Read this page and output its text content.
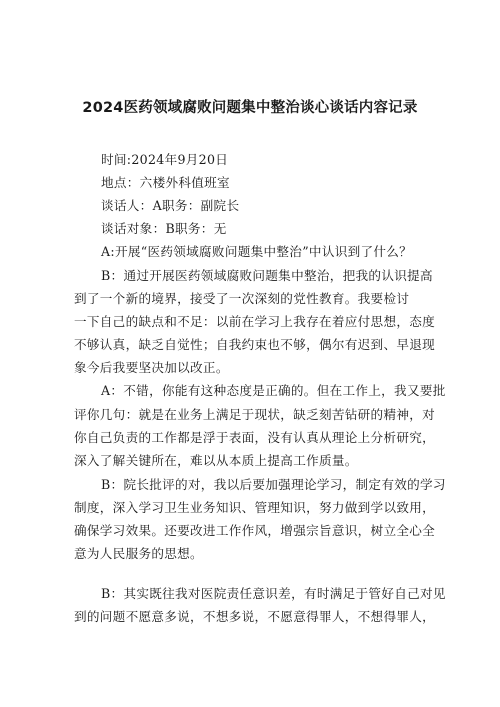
2024医药领域腐败问题集中整治谈心谈话内容记录
时间:2024年9月20日
地点：六楼外科值班室
谈话人：A职务：副院长
谈话对象：B职务：无
A:开展“医药领域腐败问题集中整治”中认识到了什么？
B：通过开展医药领域腐败问题集中整治，把我的认识提高
到了一个新的境界，接受了一次深刻的党性教育。我要检讨
一下自己的缺点和不足：以前在学习上我存在着应付思想，态度
不够认真，缺乏自觉性；自我约束也不够，偶尔有迟到、早退现
象今后我要坚决加以改正。
A：不错，你能有这种态度是正确的。但在工作上，我又要批
评你几句：就是在业务上满足于现状，缺乏刻苦钻研的精神，对
你自己负责的工作都是浮于表面，没有认真从理论上分析研究，
深入了解关键所在，难以从本质上提高工作质量。
B：院长批评的对，我以后要加强理论学习，制定有效的学习
制度，深入学习卫生业务知识、管理知识，努力做到学以致用，
确保学习效果。还要改进工作作风，增强宗旨意识，树立全心全
意为人民服务的思想。
B：其实既往我对医院责任意识差，有时满足于管好自己对见
到的问题不愿意多说，不想多说，不愿意得罪人，不想得罪人，
